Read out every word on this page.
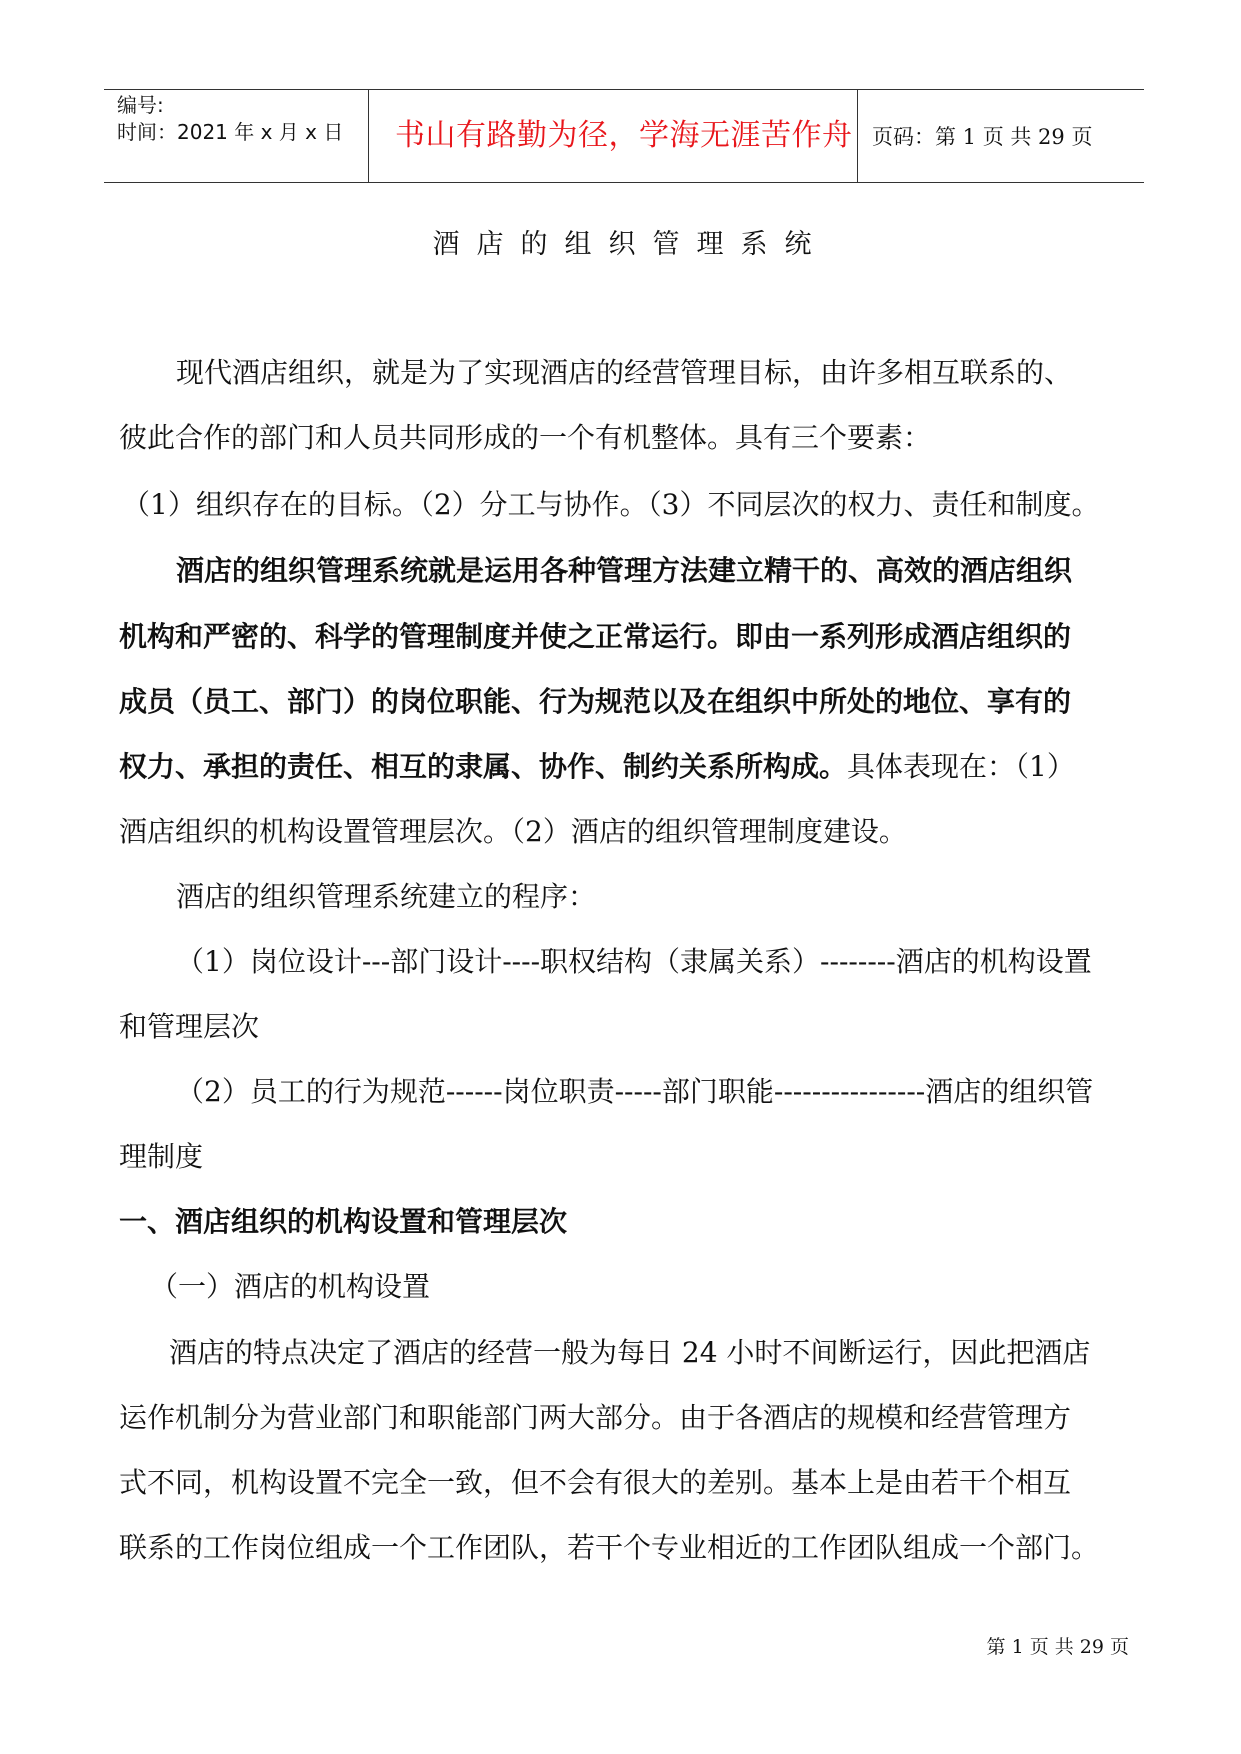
编号:
时间：2021 年 x 月 x 日 书山有路勤为径，学海无涯苦作舟 页码：第 1 页 共 29 页
酒店的组织管理系统
现代酒店组织，就是为了实现酒店的经营管理目标，由许多相互联系的、
彼此合作的部门和人员共同形成的一个有机整体。具有三个要素：
（1）组织存在的目标。（2）分工与协作。（3）不同层次的权力、责任和制度。
酒店的组织管理系统就是运用各种管理方法建立精干的、高效的酒店组织
机构和严密的、科学的管理制度并使之正常运行。即由一系列形成酒店组织的
成员（员工、部门）的岗位职能、行为规范以及在组织中所处的地位、享有的
权力、承担的责任、相互的隶属、协作、制约关系所构成。具体表现在：（1）
酒店组织的机构设置管理层次。（2）酒店的组织管理制度建设。
酒店的组织管理系统建立的程序：
（1）岗位设计---部门设计----职权结构（隶属关系）--------酒店的机构设置
和管理层次
（2）员工的行为规范------岗位职责-----部门职能----------------酒店的组织管
理制度
一、酒店组织的机构设置和管理层次
（一）酒店的机构设置
酒店的特点决定了酒店的经营一般为每日 24 小时不间断运行，因此把酒店
运作机制分为营业部门和职能部门两大部分。由于各酒店的规模和经营管理方
式不同，机构设置不完全一致，但不会有很大的差别。基本上是由若干个相互
联系的工作岗位组成一个工作团队，若干个专业相近的工作团队组成一个部门。
第 1 页 共 29 页
